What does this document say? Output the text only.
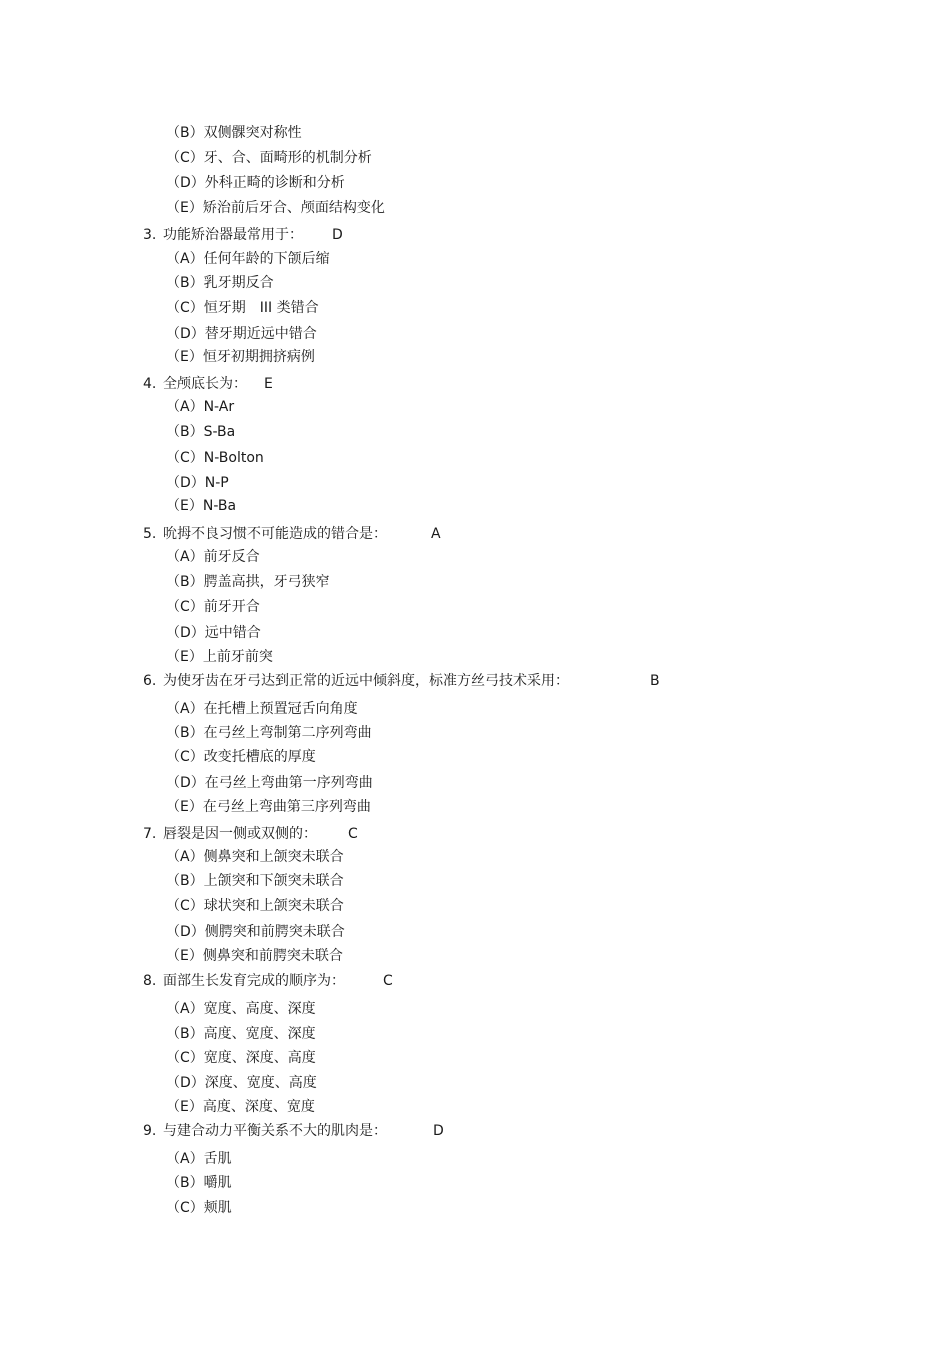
（B）双侧髁突对称性
（C）牙、合、面畸形的机制分析
（D）外科正畸的诊断和分析
（E）矫治前后牙合、颅面结构变化
3. 功能矫治器最常用于： D
（A）任何年龄的下颌后缩
（B）乳牙期反合
（C）恒牙期　III 类错合
（D）替牙期近远中错合
（E）恒牙初期拥挤病例
4. 全颅底长为： E
（A）N-Ar
（B）S-Ba
（C）N-Bolton
（D）N-P
（E）N-Ba
5. 吮拇不良习惯不可能造成的错合是：	A
（A）前牙反合
（B）腭盖高拱，牙弓狭窄
（C）前牙开合
（D）远中错合
（E）上前牙前突
6. 为使牙齿在牙弓达到正常的近远中倾斜度，标准方丝弓技术采用：	B
（A）在托槽上预置冠舌向角度
（B）在弓丝上弯制第二序列弯曲
（C）改变托槽底的厚度
（D）在弓丝上弯曲第一序列弯曲
（E）在弓丝上弯曲第三序列弯曲
7. 唇裂是因一侧或双侧的： C
（A）侧鼻突和上颌突未联合
（B）上颌突和下颌突未联合
（C）球状突和上颌突未联合
（D）侧腭突和前腭突未联合
（E）侧鼻突和前腭突未联合
8. 面部生长发育完成的顺序为：	C
（A）宽度、高度、深度
（B）高度、宽度、深度
（C）宽度、深度、高度
（D）深度、宽度、高度
（E）高度、深度、宽度
9. 与建合动力平衡关系不大的肌肉是：	D
（A）舌肌
（B）嚼肌
（C）颊肌
